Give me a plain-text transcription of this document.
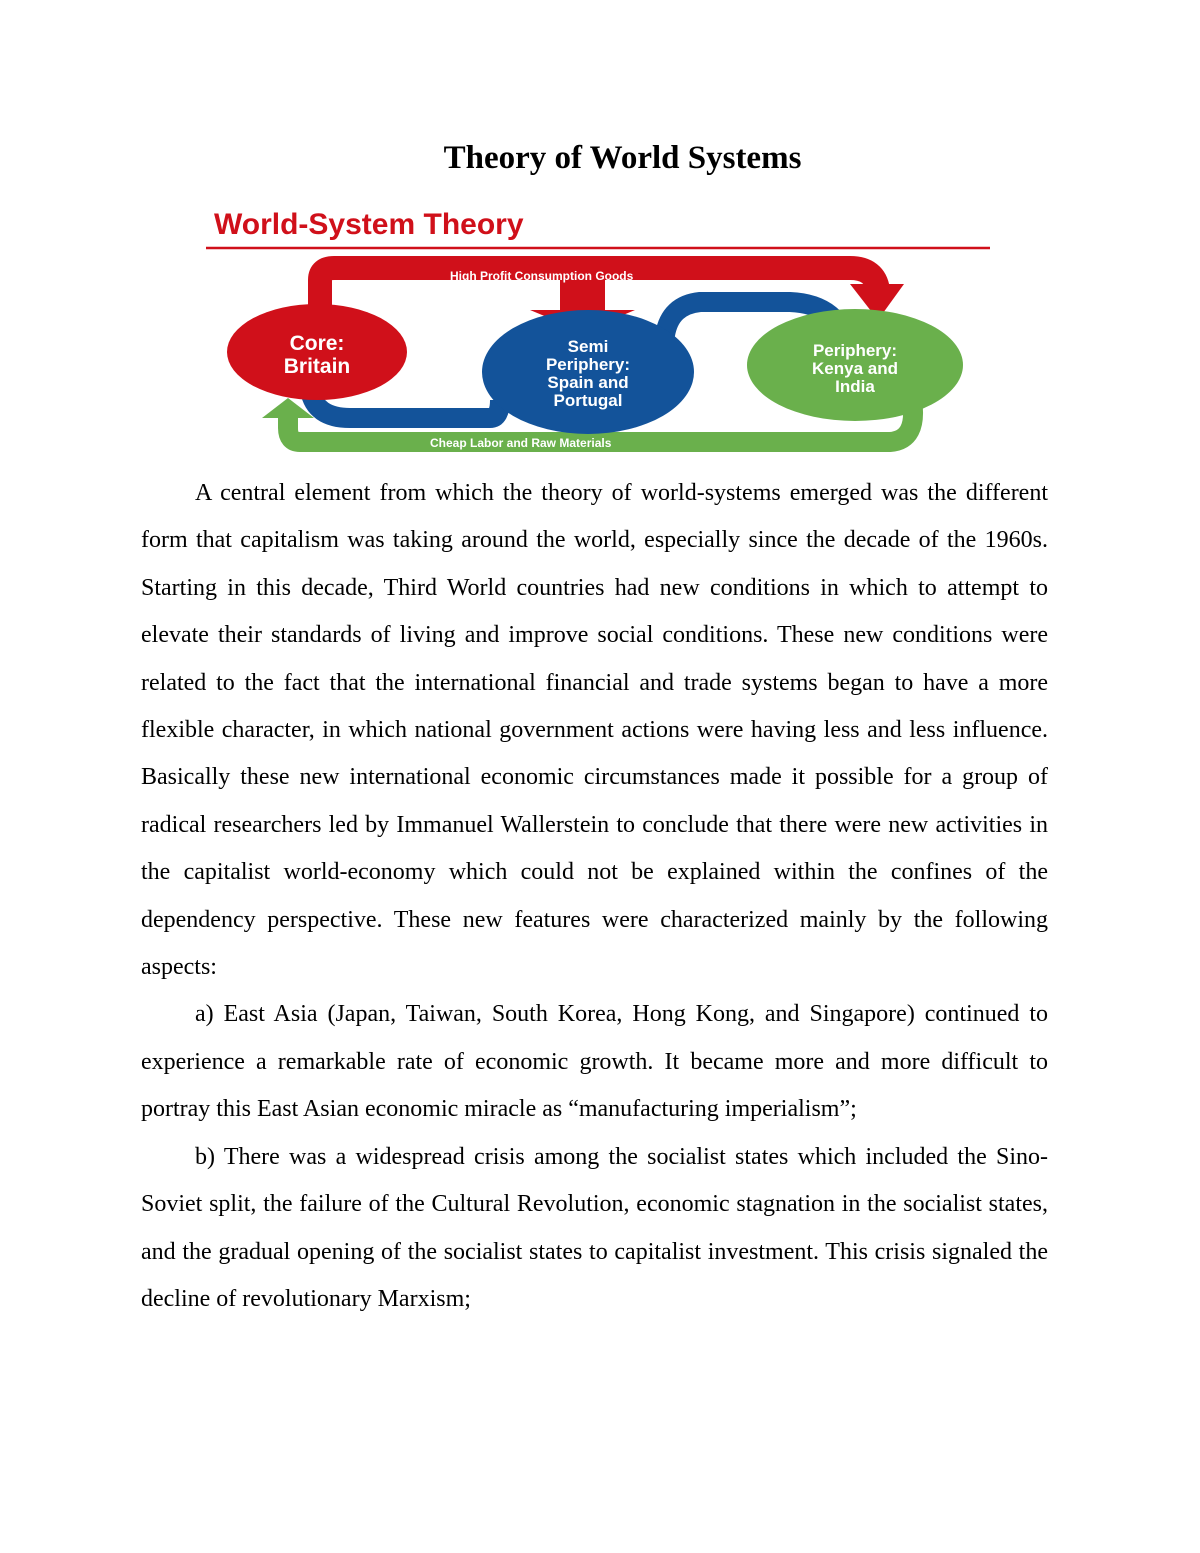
Theory of World Systems
World-System Theory
High Profit Consumption Goods
Cheap Labor and Raw Materials
Core:
Britain
Semi
Periphery:
Spain and
Portugal
Periphery:
Kenya and
India

A central element from which the theory of world-systems emerged was the different form that capitalism was taking around the world, especially since the decade of the 1960s. Starting in this decade, Third World countries had new conditions in which to attempt to elevate their standards of living and improve social conditions. These new conditions were related to the fact that the international financial and trade systems began to have a more flexible character, in which national government actions were having less and less influence. Basically these new international economic circumstances made it possible for a group of radical researchers led by Immanuel Wallerstein to conclude that there were new activities in the capitalist world-economy which could not be explained within the confines of the dependency perspective. These new features were characterized mainly by the following aspects:

a) East Asia (Japan, Taiwan, South Korea, Hong Kong, and Singapore) continued to experience a remarkable rate of economic growth. It became more and more difficult to portray this East Asian economic miracle as “manufacturing imperialism”;

b) There was a widespread crisis among the socialist states which included the Sino-Soviet split, the failure of the Cultural Revolution, economic stagnation in the socialist states, and the gradual opening of the socialist states to capitalist investment. This crisis signaled the decline of revolutionary Marxism;
